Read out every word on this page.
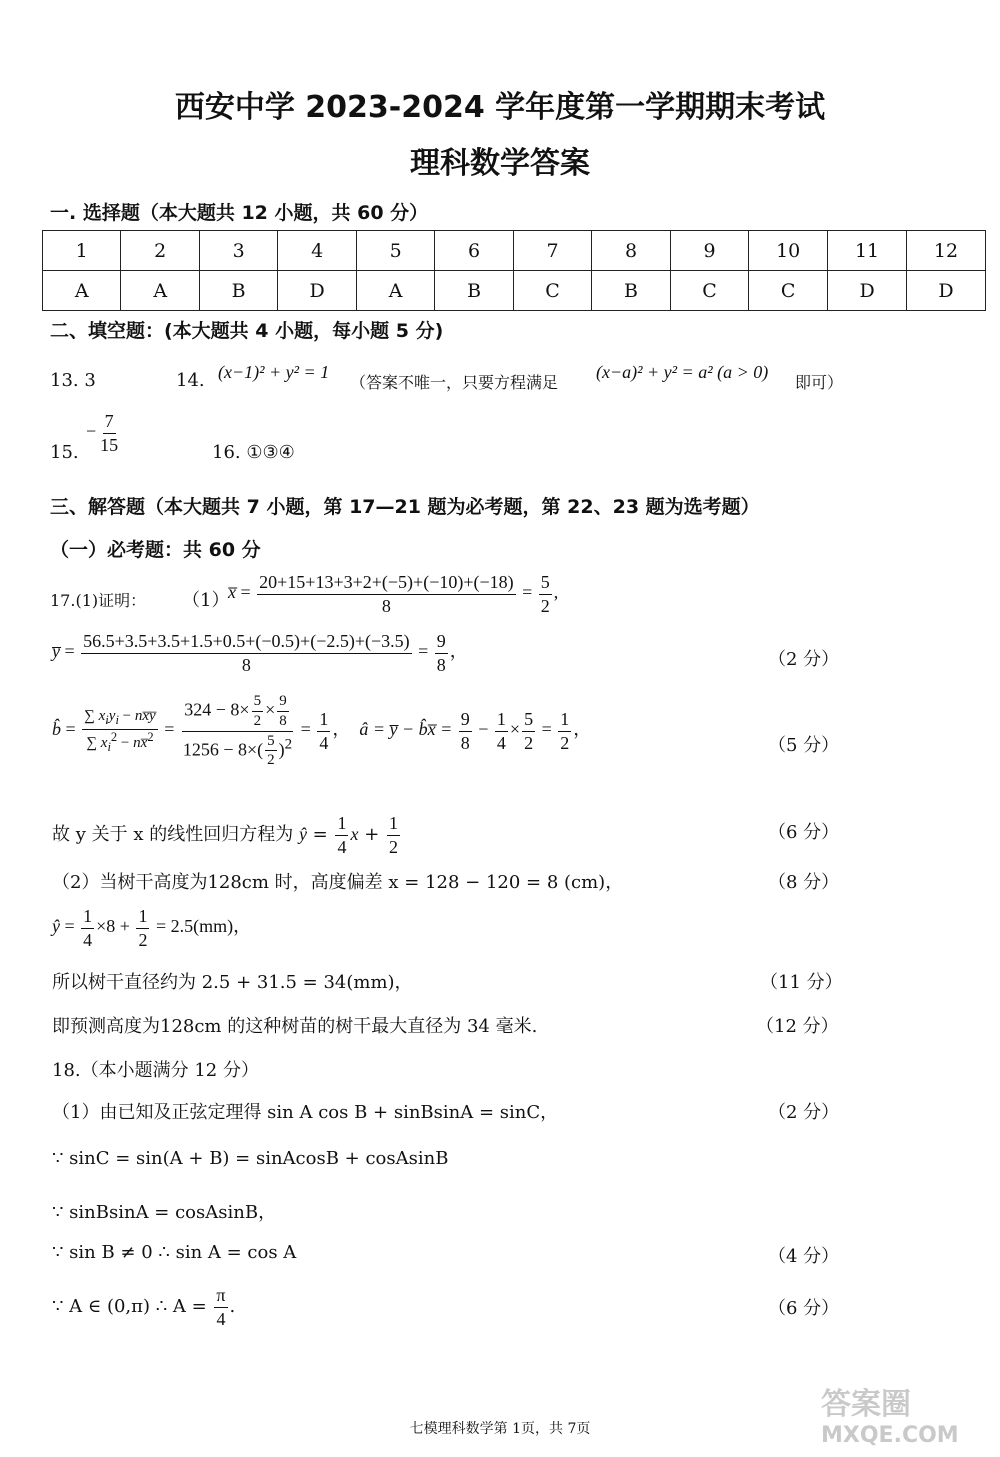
西安中学 2023-2024 学年度第一学期期末考试
理科数学答案
一. 选择题（本大题共 12 小题，共 60 分）
1	2	3	4	5	6	7	8	9	10	11	12
A	A	B	D	A	B	C	B	C	C	D	D
二、填空题：(本大题共 4 小题，每小题 5 分)
13. 3	14. (x−1)² + y² = 1
（答案不唯一，只要方程满足
(x−a)² + y² = a² (a > 0)
即可）
15.
− $\frac{7}{15}$	16. ①③④
三、解答题（本大题共 7 小题，第 17—21 题为必考题，第 22、23 题为选考题）
（一）必考题：共 60 分
17.(1)证明： （1）
x̅ = $\frac{20+15+13+3+2+(-5)+(-10)+(-18)}{8} = \frac{5}{2}$ ,
y̅ = $\frac{56.5+3.5+3.5+1.5+0.5+(-0.5)+(-2.5)+(-3.5)}{8} = \frac{9}{8}$ ，	（2 分）
b̂ = $\frac{\sum x_iy_i - nx̅y̅}{\sum x_i^2 - nx̅^2} = \frac{324 - 8\times \frac{5}{2} \times \frac{9}{8}}{1256 - 8\times( \frac{5}{2} )^2} = \frac{1}{4}$ ，  â = y̅ − b̂x̅ = $\frac{9}{8} - \frac{1}{4} \times \frac{5}{2} = \frac{1}{2}$ ，
（5 分）
故 y 关于 x 的线性回归方程为 ŷ = $\frac{1}{4}$ $x + \frac{1}{2}$	（6 分）
（2）当树干高度为128cm 时，高度偏差 x = 128 − 120 = 8 (cm)，	（8 分）
ŷ = $\frac{1}{4} \times 8 + \frac{1}{2} = 2.5(mm)$，
所以树干直径约为 2.5 + 31.5 = 34(mm)，	（11 分）
即预测高度为128cm 的这种树苗的树干最大直径为 34 毫米.	（12 分）
18.（本小题满分 12 分）
（1）由已知及正弦定理得 sin A cos B + sinBsinA = sinC，	（2 分）
∵ sinC = sin(A + B) = sinAcosB + cosAsinB
∵ sinBsinA = cosAsinB，
∵ sin B ≠ 0 ∴ sin A = cos A	（4 分）
∵ A ∈ (0,π) ∴ $A = \frac{\pi}{4}$ .	（6 分）
七模理科数学第 1页，共 7页
答案圈
MXQE.COM
